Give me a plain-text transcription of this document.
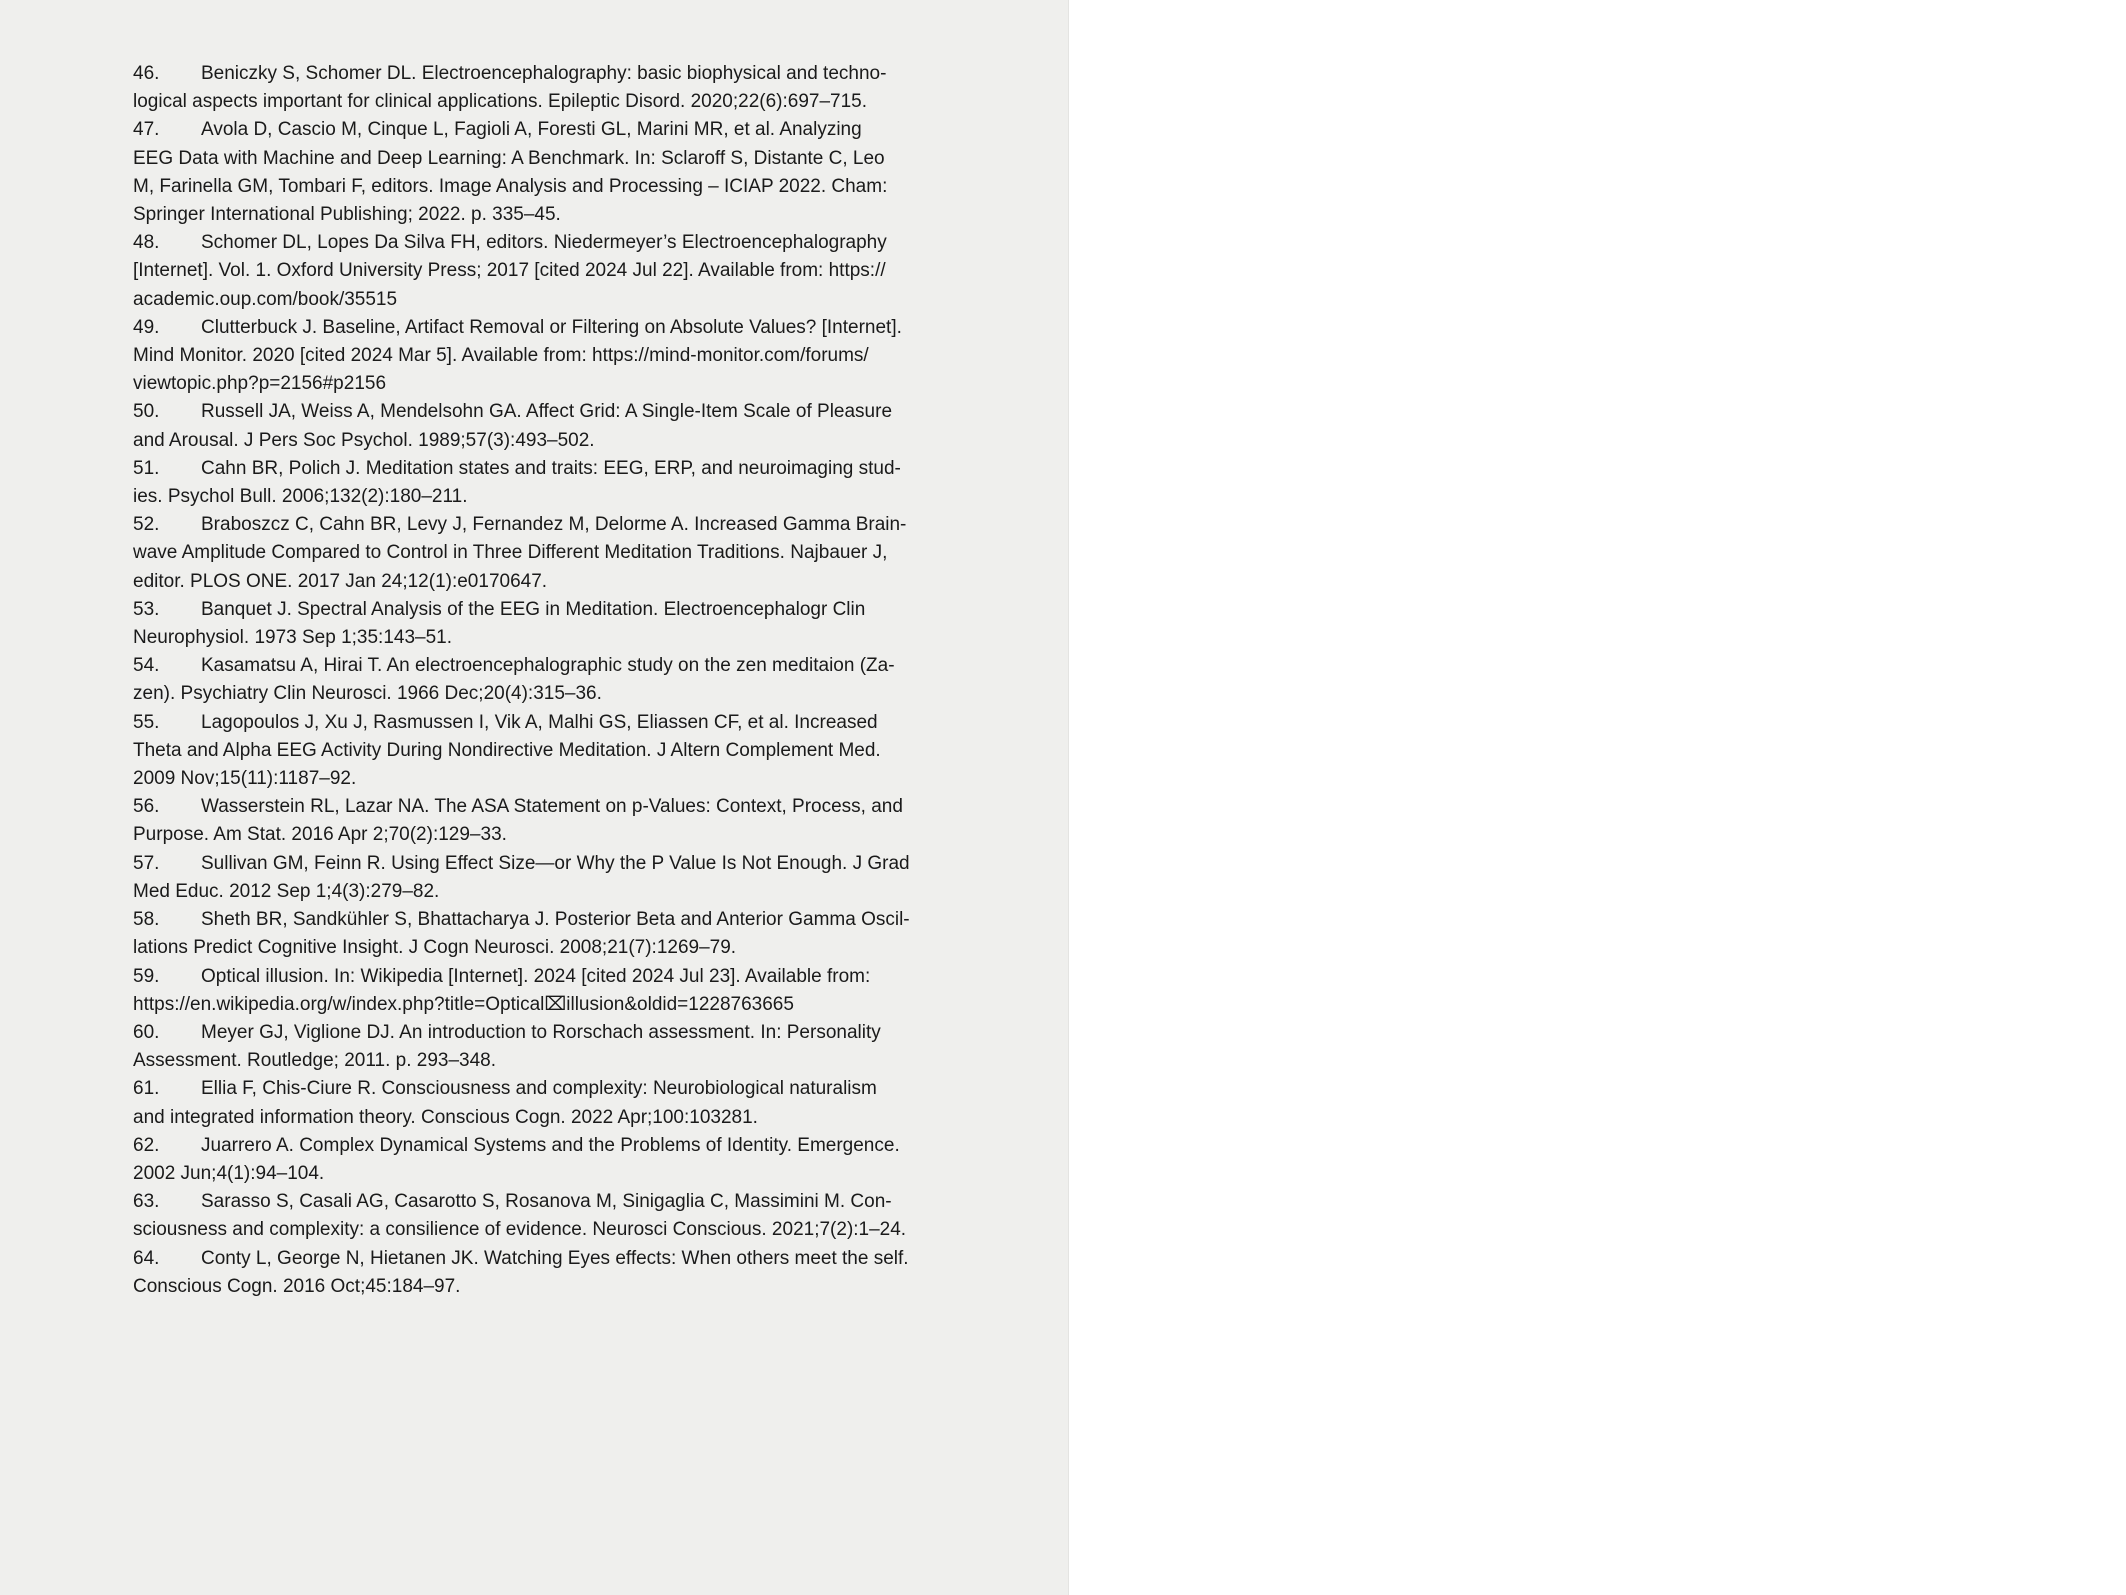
46. Beniczky S, Schomer DL. Electroencephalography: basic biophysical and techno-
logical aspects important for clinical applications. Epileptic Disord. 2020;22(6):697–715.
47. Avola D, Cascio M, Cinque L, Fagioli A, Foresti GL, Marini MR, et al. Analyzing
EEG Data with Machine and Deep Learning: A Benchmark. In: Sclaroff S, Distante C, Leo
M, Farinella GM, Tombari F, editors. Image Analysis and Processing – ICIAP 2022. Cham:
Springer International Publishing; 2022. p. 335–45.
48. Schomer DL, Lopes Da Silva FH, editors. Niedermeyer’s Electroencephalography
[Internet]. Vol. 1. Oxford University Press; 2017 [cited 2024 Jul 22]. Available from: https://
academic.oup.com/book/35515
49. Clutterbuck J. Baseline, Artifact Removal or Filtering on Absolute Values? [Internet].
Mind Monitor. 2020 [cited 2024 Mar 5]. Available from: https://mind-monitor.com/forums/
viewtopic.php?p=2156#p2156
50. Russell JA, Weiss A, Mendelsohn GA. Affect Grid: A Single-Item Scale of Pleasure
and Arousal. J Pers Soc Psychol. 1989;57(3):493–502.
51. Cahn BR, Polich J. Meditation states and traits: EEG, ERP, and neuroimaging stud-
ies. Psychol Bull. 2006;132(2):180–211.
52. Braboszcz C, Cahn BR, Levy J, Fernandez M, Delorme A. Increased Gamma Brain-
wave Amplitude Compared to Control in Three Different Meditation Traditions. Najbauer J,
editor. PLOS ONE. 2017 Jan 24;12(1):e0170647.
53. Banquet J. Spectral Analysis of the EEG in Meditation. Electroencephalogr Clin
Neurophysiol. 1973 Sep 1;35:143–51.
54. Kasamatsu A, Hirai T. An electroencephalographic study on the zen meditaion (Za-
zen). Psychiatry Clin Neurosci. 1966 Dec;20(4):315–36.
55. Lagopoulos J, Xu J, Rasmussen I, Vik A, Malhi GS, Eliassen CF, et al. Increased
Theta and Alpha EEG Activity During Nondirective Meditation. J Altern Complement Med.
2009 Nov;15(11):1187–92.
56. Wasserstein RL, Lazar NA. The ASA Statement on p-Values: Context, Process, and
Purpose. Am Stat. 2016 Apr 2;70(2):129–33.
57. Sullivan GM, Feinn R. Using Effect Size—or Why the P Value Is Not Enough. J Grad
Med Educ. 2012 Sep 1;4(3):279–82.
58. Sheth BR, Sandkühler S, Bhattacharya J. Posterior Beta and Anterior Gamma Oscil-
lations Predict Cognitive Insight. J Cogn Neurosci. 2008;21(7):1269–79.
59. Optical illusion. In: Wikipedia [Internet]. 2024 [cited 2024 Jul 23]. Available from:
https://en.wikipedia.org/w/index.php?title=Optical⌧illusion&oldid=1228763665
60. Meyer GJ, Viglione DJ. An introduction to Rorschach assessment. In: Personality
Assessment. Routledge; 2011. p. 293–348.
61. Ellia F, Chis-Ciure R. Consciousness and complexity: Neurobiological naturalism
and integrated information theory. Conscious Cogn. 2022 Apr;100:103281.
62. Juarrero A. Complex Dynamical Systems and the Problems of Identity. Emergence.
2002 Jun;4(1):94–104.
63. Sarasso S, Casali AG, Casarotto S, Rosanova M, Sinigaglia C, Massimini M. Con-
sciousness and complexity: a consilience of evidence. Neurosci Conscious. 2021;7(2):1–24.
64. Conty L, George N, Hietanen JK. Watching Eyes effects: When others meet the self.
Conscious Cogn. 2016 Oct;45:184–97.
